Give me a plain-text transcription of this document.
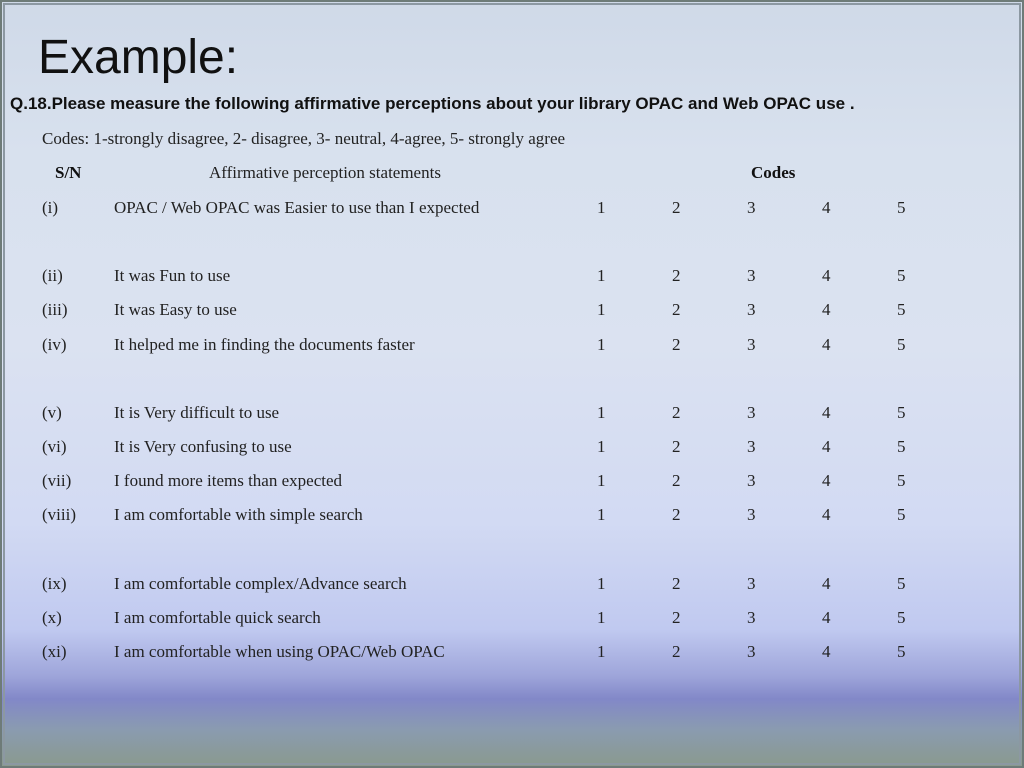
Example:
Q.18.Please measure the following affirmative perceptions about your library OPAC and Web OPAC use .
Codes: 1-strongly disagree, 2- disagree, 3- neutral, 4-agree, 5- strongly agree
S/N	Affirmative perception statements	Codes
(i)	OPAC / Web OPAC was Easier to use than I expected	1	2	3	4	5
(ii)	It was Fun to use	1	2	3	4	5
(iii)	It was Easy to use	1	2	3	4	5
(iv)	It helped me in finding the documents faster	1	2	3	4	5
(v)	It is Very difficult to use	1	2	3	4	5
(vi)	It is Very confusing to use	1	2	3	4	5
(vii)	I found more items than expected	1	2	3	4	5
(viii) I am comfortable with simple search	1	2	3	4	5
(ix)	I am comfortable complex/Advance search	1	2	3	4	5
(x)	I am comfortable quick search	1	2	3	4	5
(xi)	I am comfortable when using OPAC/Web OPAC	1	2	3	4	5
